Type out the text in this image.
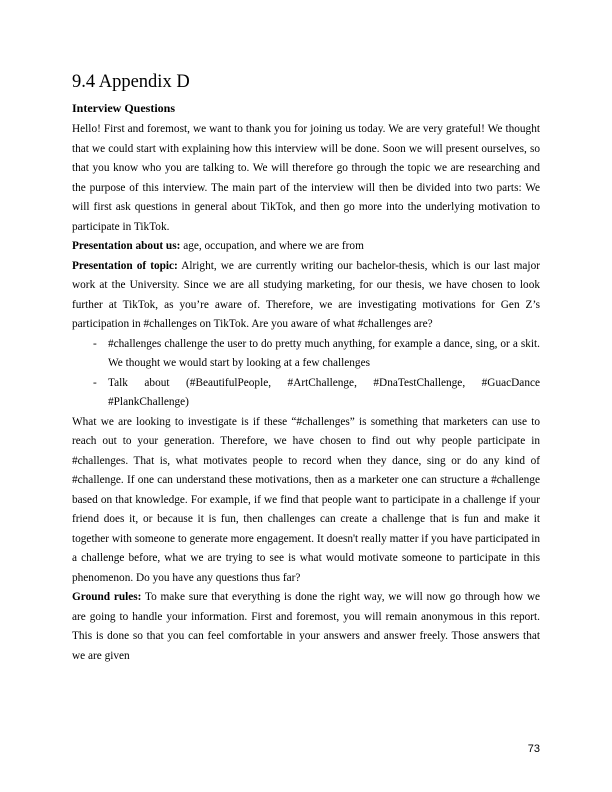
9.4 Appendix D
Interview Questions

Hello! First and foremost, we want to thank you for joining us today. We are very grateful! We thought that we could start with explaining how this interview will be done. Soon we will present ourselves, so that you know who you are talking to. We will therefore go through the topic we are researching and the purpose of this interview. The main part of the interview will then be divided into two parts: We will first ask questions in general about TikTok, and then go more into the underlying motivation to participate in TikTok.

Presentation about us: age, occupation, and where we are from

Presentation of topic: Alright, we are currently writing our bachelor-thesis, which is our last major work at the University. Since we are all studying marketing, for our thesis, we have chosen to look further at TikTok, as you’re aware of. Therefore, we are investigating motivations for Gen Z’s participation in #challenges on TikTok. Are you aware of what #challenges are?

- #challenges challenge the user to do pretty much anything, for example a dance, sing, or a skit. We thought we would start by looking at a few challenges
- Talk about (#BeautifulPeople, #ArtChallenge, #DnaTestChallenge, #GuacDance #PlankChallenge)

What we are looking to investigate is if these “#challenges” is something that marketers can use to reach out to your generation. Therefore, we have chosen to find out why people participate in #challenges. That is, what motivates people to record when they dance, sing or do any kind of #challenge. If one can understand these motivations, then as a marketer one can structure a #challenge based on that knowledge. For example, if we find that people want to participate in a challenge if your friend does it, or because it is fun, then challenges can create a challenge that is fun and make it together with someone to generate more engagement. It doesn't really matter if you have participated in a challenge before, what we are trying to see is what would motivate someone to participate in this phenomenon. Do you have any questions thus far?

Ground rules: To make sure that everything is done the right way, we will now go through how we are going to handle your information. First and foremost, you will remain anonymous in this report. This is done so that you can feel comfortable in your answers and answer freely. Those answers that we are given

73
